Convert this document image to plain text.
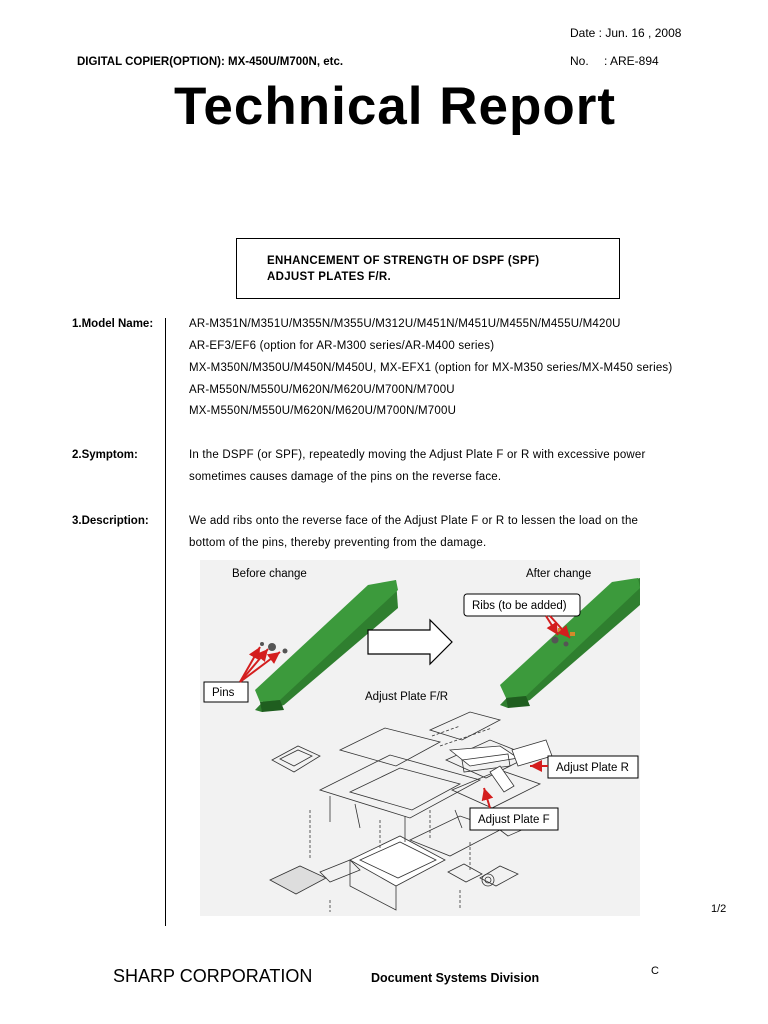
Date : Jun. 16 , 2008
No. : ARE-894
DIGITAL COPIER(OPTION): MX-450U/M700N, etc.
Technical Report
ENHANCEMENT OF STRENGTH OF DSPF (SPF)
ADJUST PLATES F/R.
1.Model Name:	AR-M351N/M351U/M355N/M355U/M312U/M451N/M451U/M455N/M455U/M420U
AR-EF3/EF6 (option for AR-M300 series/AR-M400 series)
MX-M350N/M350U/M450N/M450U, MX-EFX1 (option for MX-M350 series/MX-M450 series)
AR-M550N/M550U/M620N/M620U/M700N/M700U
MX-M550N/M550U/M620N/M620U/M700N/M700U
2.Symptom:	In the DSPF (or SPF), repeatedly moving the Adjust Plate F or R with excessive power
sometimes causes damage of the pins on the reverse face.
3.Description:	We add ribs onto the reverse face of the Adjust Plate F or R to lessen the load on the
bottom of the pins, thereby preventing from the damage.
Before change	After change
Pins
Ribs (to be added)
Adjust Plate F/R
Adjust Plate R
Adjust Plate F
1/2
SHARP CORPORATION	Document Systems Division	C
